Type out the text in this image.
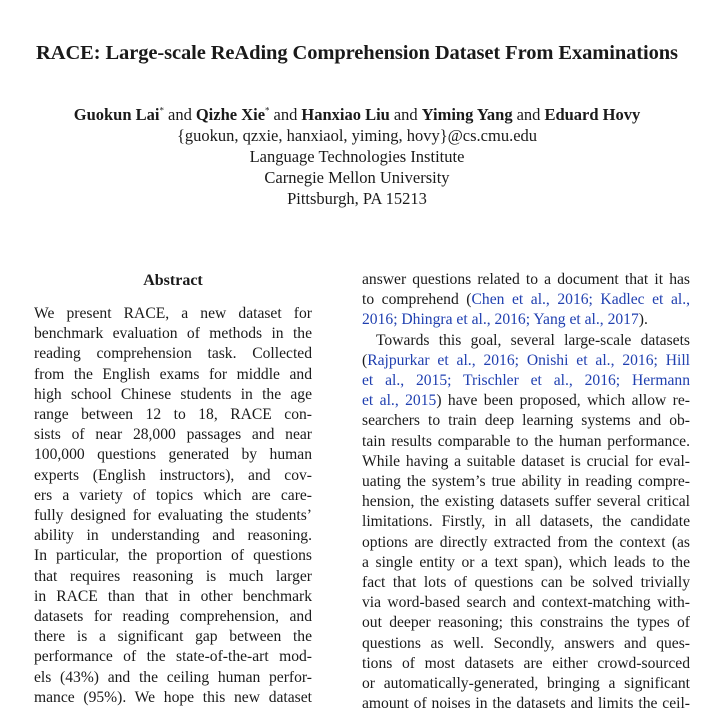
RACE: Large-scale ReAding Comprehension Dataset From Examinations
Guokun Lai* and Qizhe Xie* and Hanxiao Liu and Yiming Yang and Eduard Hovy
{guokun, qzxie, hanxiaol, yiming, hovy}@cs.cmu.edu
Language Technologies Institute
Carnegie Mellon University
Pittsburgh, PA 15213
Abstract
We present RACE, a new dataset for
benchmark evaluation of methods in the
reading comprehension task. Collected
from the English exams for middle and
high school Chinese students in the age
range between 12 to 18, RACE con-
sists of near 28,000 passages and near
100,000 questions generated by human
experts (English instructors), and cov-
ers a variety of topics which are care-
fully designed for evaluating the students’
ability in understanding and reasoning.
In particular, the proportion of questions
that requires reasoning is much larger
in RACE than that in other benchmark
datasets for reading comprehension, and
there is a significant gap between the
performance of the state-of-the-art mod-
els (43%) and the ceiling human perfor-
mance (95%). We hope this new dataset
answer questions related to a document that it has
to comprehend (Chen et al., 2016; Kadlec et al.,
2016; Dhingra et al., 2016; Yang et al., 2017).
Towards this goal, several large-scale datasets
(Rajpurkar et al., 2016; Onishi et al., 2016; Hill
et al., 2015; Trischler et al., 2016; Hermann
et al., 2015) have been proposed, which allow re-
searchers to train deep learning systems and ob-
tain results comparable to the human performance.
While having a suitable dataset is crucial for eval-
uating the system’s true ability in reading compre-
hension, the existing datasets suffer several critical
limitations. Firstly, in all datasets, the candidate
options are directly extracted from the context (as
a single entity or a text span), which leads to the
fact that lots of questions can be solved trivially
via word-based search and context-matching with-
out deeper reasoning; this constrains the types of
questions as well. Secondly, answers and ques-
tions of most datasets are either crowd-sourced
or automatically-generated, bringing a significant
amount of noises in the datasets and limits the ceil-
